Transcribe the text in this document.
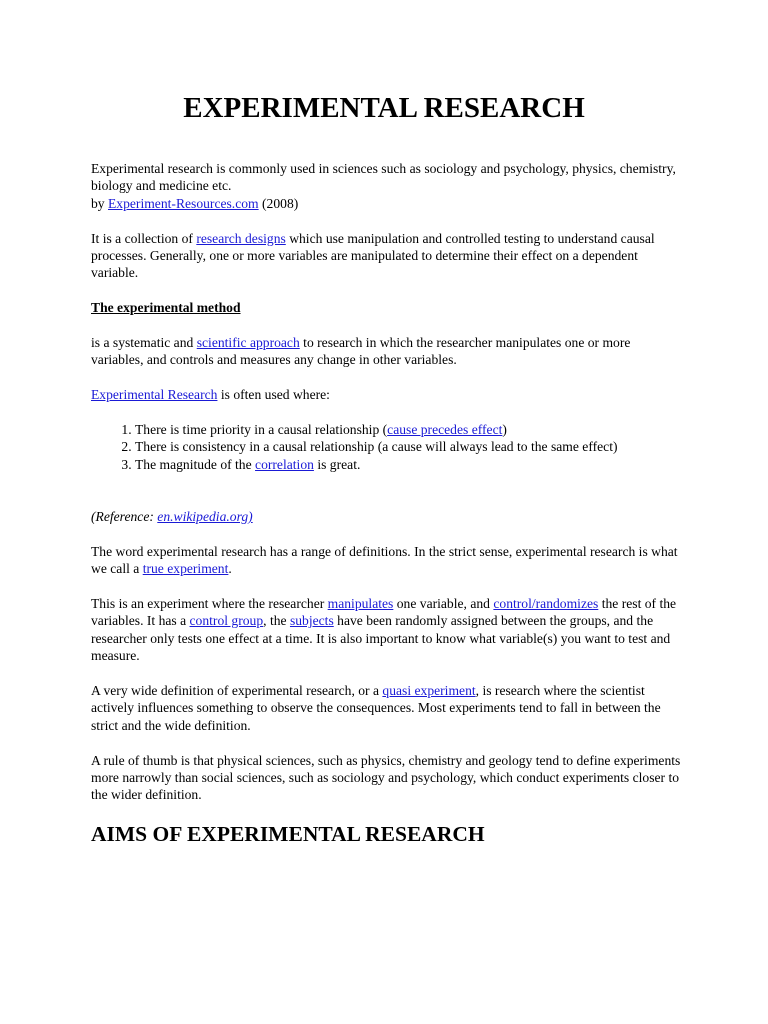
EXPERIMENTAL RESEARCH

Experimental research is commonly used in sciences such as sociology and psychology, physics, chemistry, biology and medicine etc.
by Experiment-Resources.com (2008)

It is a collection of research designs which use manipulation and controlled testing to understand causal processes. Generally, one or more variables are manipulated to determine their effect on a dependent variable.

The experimental method

is a systematic and scientific approach to research in which the researcher manipulates one or more variables, and controls and measures any change in other variables.

Experimental Research is often used where:

1. There is time priority in a causal relationship (cause precedes effect)
2. There is consistency in a causal relationship (a cause will always lead to the same effect)
3. The magnitude of the correlation is great.

(Reference: en.wikipedia.org)

The word experimental research has a range of definitions. In the strict sense, experimental research is what we call a true experiment.

This is an experiment where the researcher manipulates one variable, and control/randomizes the rest of the variables. It has a control group, the subjects have been randomly assigned between the groups, and the researcher only tests one effect at a time. It is also important to know what variable(s) you want to test and measure.

A very wide definition of experimental research, or a quasi experiment, is research where the scientist actively influences something to observe the consequences. Most experiments tend to fall in between the strict and the wide definition.

A rule of thumb is that physical sciences, such as physics, chemistry and geology tend to define experiments more narrowly than social sciences, such as sociology and psychology, which conduct experiments closer to the wider definition.

AIMS OF EXPERIMENTAL RESEARCH
